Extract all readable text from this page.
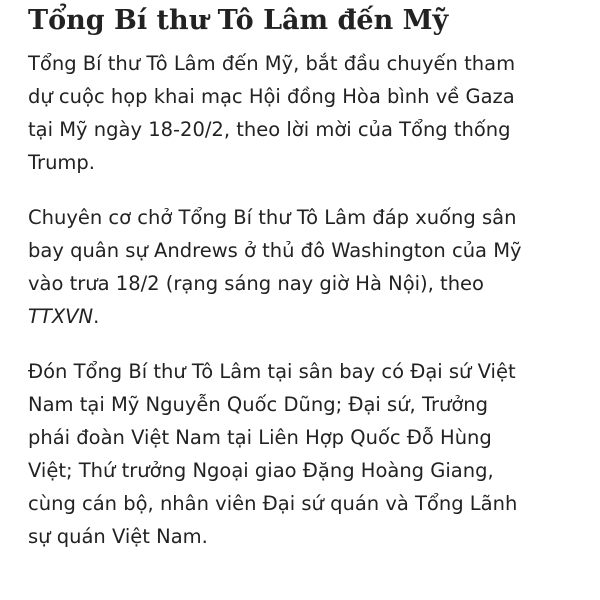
Tổng Bí thư Tô Lâm đến Mỹ

Tổng Bí thư Tô Lâm đến Mỹ, bắt đầu chuyến tham
dự cuộc họp khai mạc Hội đồng Hòa bình về Gaza
tại Mỹ ngày 18-20/2, theo lời mời của Tổng thống
Trump.

Chuyên cơ chở Tổng Bí thư Tô Lâm đáp xuống sân
bay quân sự Andrews ở thủ đô Washington của Mỹ
vào trưa 18/2 (rạng sáng nay giờ Hà Nội), theo
TTXVN.

Đón Tổng Bí thư Tô Lâm tại sân bay có Đại sứ Việt
Nam tại Mỹ Nguyễn Quốc Dũng; Đại sứ, Trưởng
phái đoàn Việt Nam tại Liên Hợp Quốc Đỗ Hùng
Việt; Thứ trưởng Ngoại giao Đặng Hoàng Giang,
cùng cán bộ, nhân viên Đại sứ quán và Tổng Lãnh
sự quán Việt Nam.
